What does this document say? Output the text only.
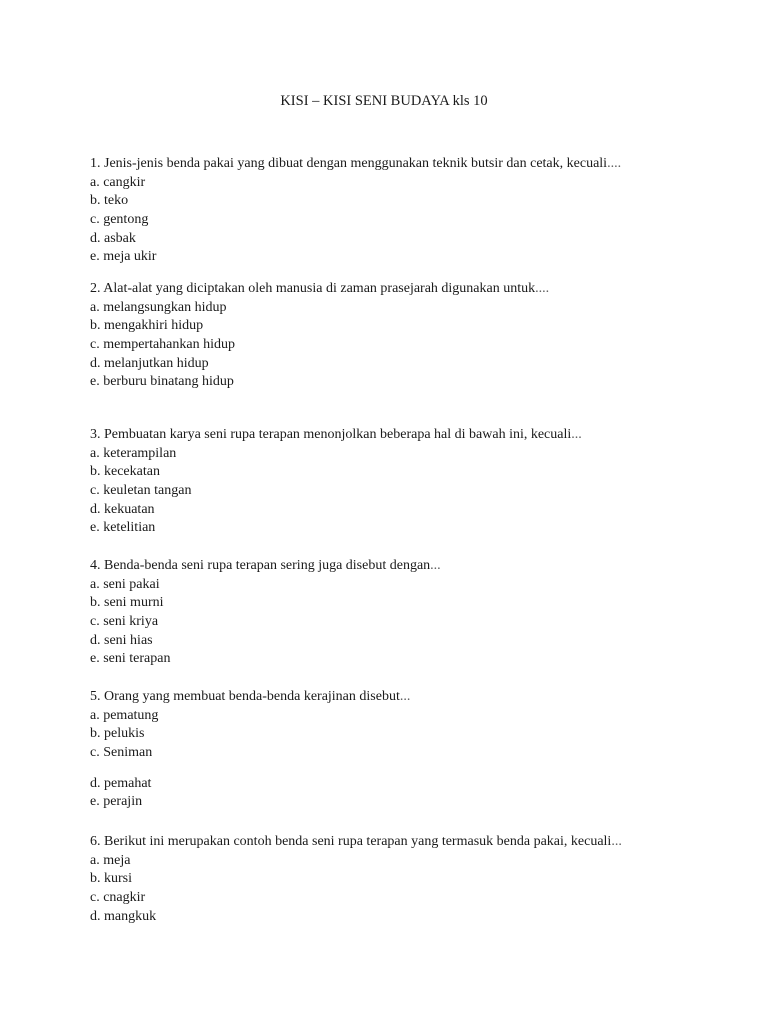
KISI – KISI SENI BUDAYA kls 10
1. Jenis-jenis benda pakai yang dibuat dengan menggunakan teknik butsir dan cetak, kecuali....
a. cangkir
b. teko
c. gentong
d. asbak
e. meja ukir
2. Alat-alat yang diciptakan oleh manusia di zaman prasejarah digunakan untuk....
a. melangsungkan hidup
b. mengakhiri hidup
c. mempertahankan hidup
d. melanjutkan hidup
e. berburu binatang hidup
3. Pembuatan karya seni rupa terapan menonjolkan beberapa hal di bawah ini, kecuali...
a. keterampilan
b. kecekatan
c. keuletan tangan
d. kekuatan
e. ketelitian
4. Benda-benda seni rupa terapan sering juga disebut dengan...
a. seni pakai
b. seni murni
c. seni kriya
d. seni hias
e. seni terapan
5. Orang yang membuat benda-benda kerajinan disebut...
a. pematung
b. pelukis
c. Seniman
d. pemahat
e. perajin
6. Berikut ini merupakan contoh benda seni rupa terapan yang termasuk benda pakai, kecuali...
a. meja
b. kursi
c. cnagkir
d. mangkuk
